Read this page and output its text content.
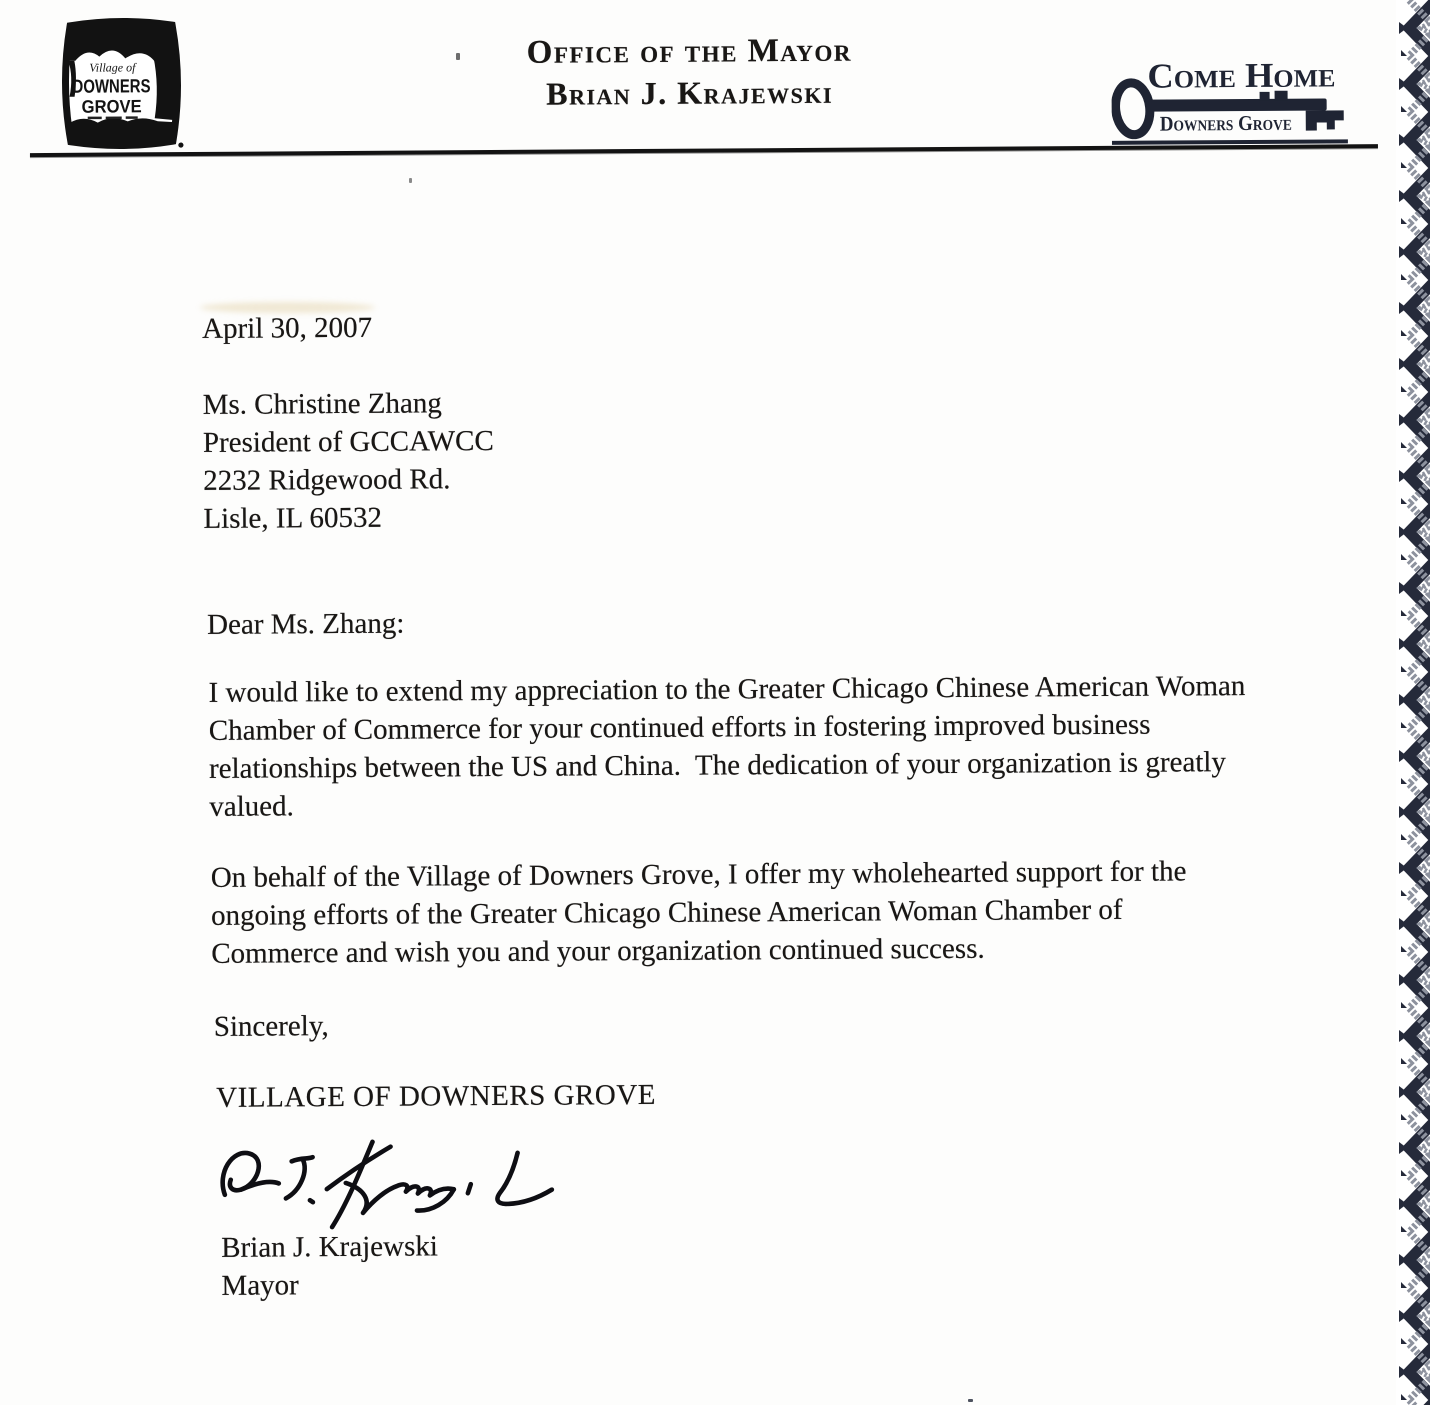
Village of
DOWNERS
GROVE
Office of the Mayor
Brian J. Krajewski	Come Home
Downers Grove
April 30, 2007
Ms. Christine Zhang
President of GCCAWCC
2232 Ridgewood Rd.
Lisle, IL 60532
Dear Ms. Zhang:
I would like to extend my appreciation to the Greater Chicago Chinese American Woman
Chamber of Commerce for your continued efforts in fostering improved business
relationships between the US and China.  The dedication of your organization is greatly
valued.
On behalf of the Village of Downers Grove, I offer my wholehearted support for the
ongoing efforts of the Greater Chicago Chinese American Woman Chamber of
Commerce and wish you and your organization continued success.
Sincerely,
VILLAGE OF DOWNERS GROVE
Brian J. Krajewski
Mayor
